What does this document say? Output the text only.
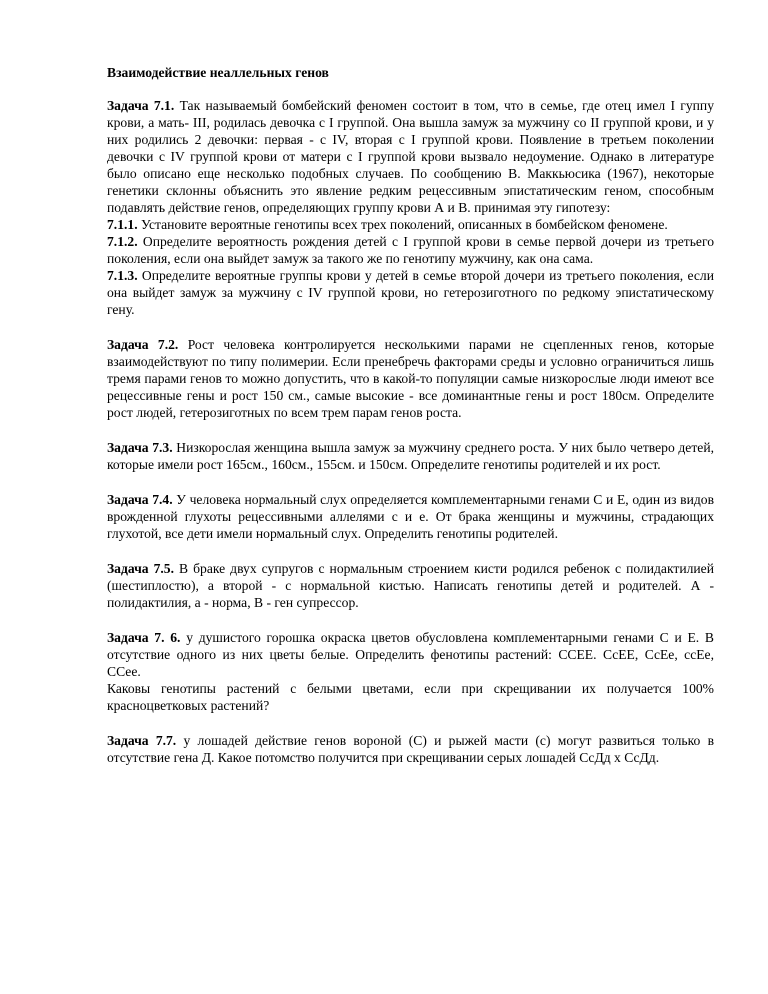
Взаимодействие неаллельных генов

Задача 7.1. Так называемый бомбейский феномен состоит в том, что в семье, где отец имел I гуппу крови, а мать- III, родилась девочка с I группой. Она вышла замуж за мужчину со II группой крови, и у них родились 2 девочки: первая - с IV, вторая с I группой крови. Появление в третьем поколении девочки с IV группой крови от матери с I группой крови вызвало недоумение. Однако в литературе было описано еще несколько подобных случаев. По сообщению В. Маккьюсика (1967), некоторые генетики склонны объяснить это явление редким рецессивным эпистатическим геном, способным подавлять действие генов, определяющих группу крови А и В. принимая эту гипотезу:

7.1.1. Установите вероятные генотипы всех трех поколений, описанных в бомбейском феномене.

7.1.2. Определите вероятность рождения детей с I группой крови в семье первой дочери из третьего поколения, если она выйдет замуж за такого же по генотипу мужчину, как она сама.

7.1.3. Определите вероятные группы крови у детей в семье второй дочери из третьего поколения, если она выйдет замуж за мужчину с IV группой крови, но гетерозиготного по редкому эпистатическому гену.

Задача 7.2. Рост человека контролируется несколькими парами не сцепленных генов, которые взаимодействуют по типу полимерии. Если пренебречь факторами среды и условно ограничиться лишь тремя парами генов то можно допустить, что в какой-то популяции самые низкорослые люди имеют все рецессивные гены и рост 150 см., самые высокие - все доминантные гены и рост 180см. Определите рост людей, гетерозиготных по всем трем парам генов роста.

Задача 7.3. Низкорослая женщина вышла замуж за мужчину среднего роста. У них было четверо детей, которые имели рост 165см., 160см., 155см. и 150см. Определите генотипы родителей и их рост.

Задача 7.4. У человека нормальный слух определяется комплементарными генами С и Е, один из видов врожденной глухоты рецессивными аллелями с и е. От брака женщины и мужчины, страдающих глухотой, все дети имели нормальный слух. Определить генотипы родителей.

Задача 7.5. В браке двух супругов с нормальным строением кисти родился ребенок с полидактилией (шестиплостю), а второй - с нормальной кистью. Написать генотипы детей и родителей. А - полидактилия, а - норма, В - ген супрессор.

Задача 7. 6. у душистого горошка окраска цветов обусловлена комплементарными генами С и Е. В отсутствие одного из них цветы белые. Определить фенотипы растений: ССЕЕ. СсЕЕ, СсЕе, ссЕе, ССее.

Каковы генотипы растений с белыми цветами, если при скрещивании их получается 100% красноцветковых растений?

Задача 7.7. у лошадей действие генов вороной (С) и рыжей масти (с) могут развиться только в отсутствие гена Д. Какое потомство получится при скрещивании серых лошадей СсДд х СсДд.
